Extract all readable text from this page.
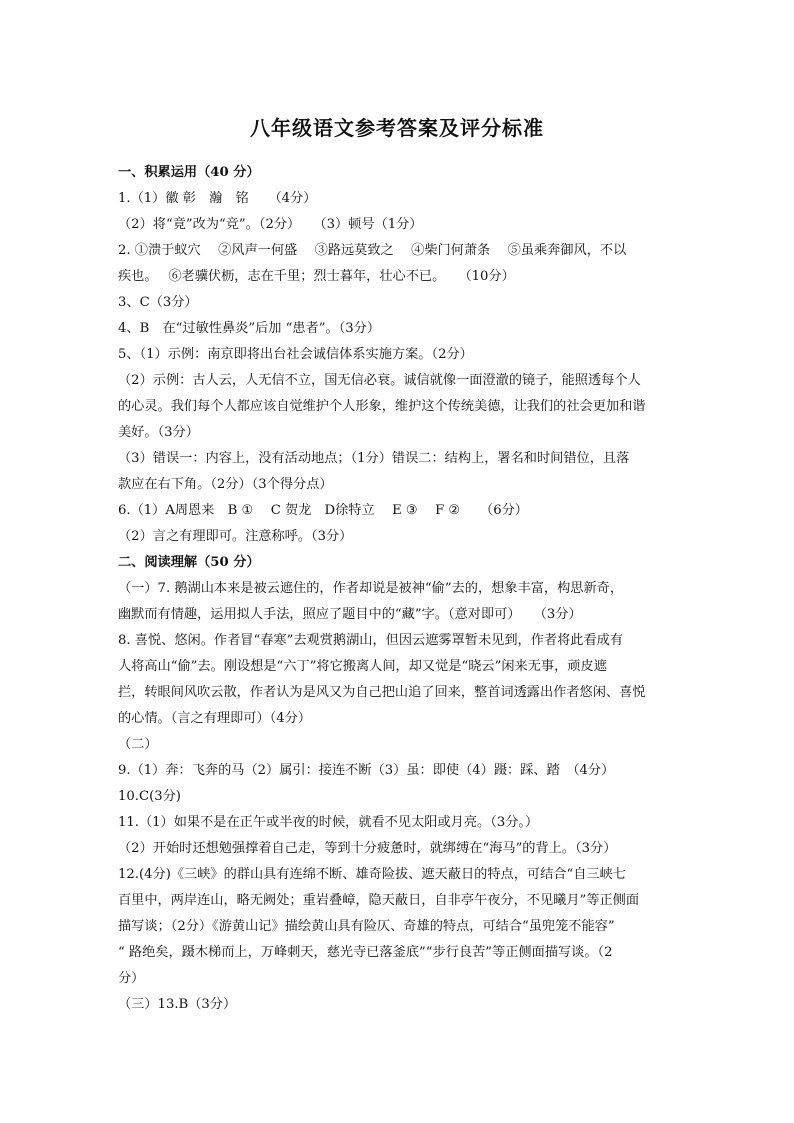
八年级语文参考答案及评分标准
一、积累运用（40 分）
1.（1）徽 彰　瀚　铭　　（4分）
（2）将“竟”改为“竞”。（2分）　　（3）顿号（1分）
2. ①溃于蚁穴　 ②风声一何盛　 ③路远莫致之　 ④柴门何萧条　 ⑤虽乘奔御风，不以
疾也。　 ⑥老骥伏枥，志在千里；烈士暮年，壮心不已。　　（10分）
3、C（3分）
4、B　在“过敏性鼻炎”后加 “患者”。（3分）
5、（1）示例：南京即将出台社会诚信体系实施方案。（2分）
（2）示例：古人云，人无信不立，国无信必衰。诚信就像一面澄澈的镜子，能照透每个人
的心灵。我们每个人都应该自觉维护个人形象，维护这个传统美德，让我们的社会更加和谐
美好。（3分）
（3）错误一：内容上，没有活动地点；（1分）错误二：结构上，署名和时间错位，且落
款应在右下角。（2分）（3个得分点）
6.（1）A周恩来　B ①　 C 贺龙　D徐特立　 E ③　 F ②　　（6分）
（2）言之有理即可。注意称呼。（3分）
二、阅读理解（50 分）
（一）7. 鹅湖山本来是被云遮住的，作者却说是被神“偷”去的，想象丰富，构思新奇，
幽默而有情趣，运用拟人手法，照应了题目中的“藏”字。（意对即可）　　（3分）
8. 喜悦、悠闲。作者冒“春寒”去观赏鹅湖山，但因云遮雾罩暂未见到，作者将此看成有
人将高山“偷”去。刚设想是“六丁”将它搬离人间，却又觉是“晓云”闲来无事，顽皮遮
拦，转眼间风吹云散，作者认为是风又为自己把山追了回来，整首词透露出作者悠闲、喜悦
的心情。（言之有理即可）（4分）
（二）
9.（1）奔：飞奔的马（2）属引：接连不断（3）虽：即使（4）蹑：踩、踏　（4分）
10.C(3分)
11.（1）如果不是在正午或半夜的时候，就看不见太阳或月亮。（3分。）
（2）开始时还想勉强撑着自己走，等到十分疲惫时，就绑缚在“海马”的背上。（3分）
12.(4分)《三峡》的群山具有连绵不断、雄奇险拔、遮天蔽日的特点，可结合“自三峡七
百里中，两岸连山，略无阙处；重岩叠嶂，隐天蔽日，自非亭午夜分，不见曦月”等正侧面
描写谈；（2分）《游黄山记》描绘黄山具有险仄、奇雄的特点，可结合“虽兜笼不能容”
“ 路绝矣，蹑木梯而上，万峰刺天，慈光寺已落釜底”“步行良苦”等正侧面描写谈。（2
分）
（三）13.B（3分）
